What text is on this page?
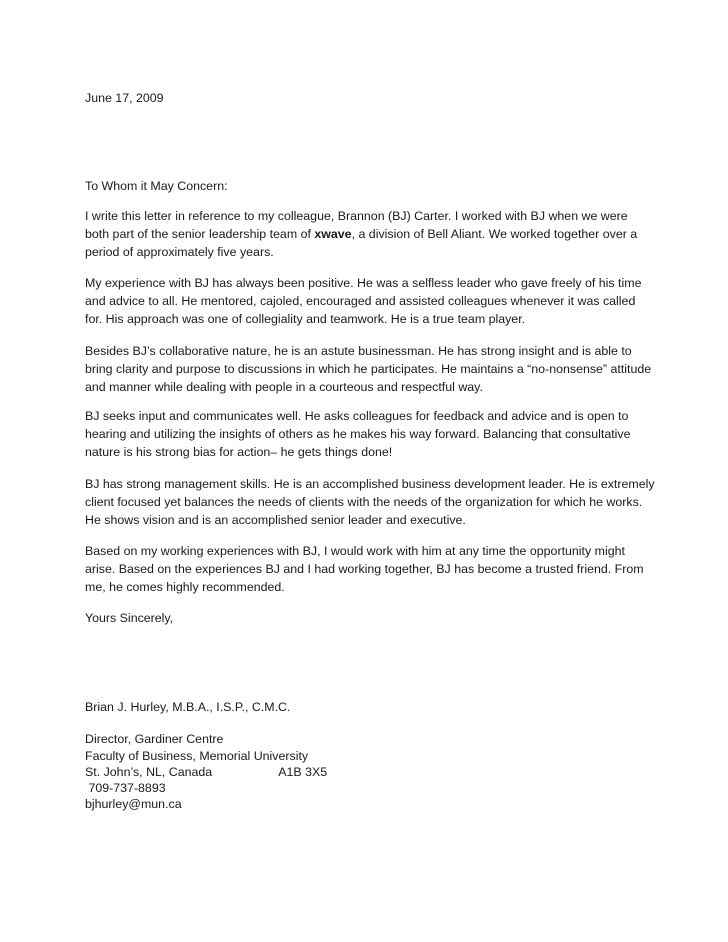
June 17, 2009

To Whom it May Concern:

I write this letter in reference to my colleague, Brannon (BJ) Carter. I worked with BJ when we were both part of the senior leadership team of xwave, a division of Bell Aliant. We worked together over a period of approximately five years.

My experience with BJ has always been positive. He was a selfless leader who gave freely of his time and advice to all. He mentored, cajoled, encouraged and assisted colleagues whenever it was called for. His approach was one of collegiality and teamwork. He is a true team player.

Besides BJ’s collaborative nature, he is an astute businessman. He has strong insight and is able to bring clarity and purpose to discussions in which he participates. He maintains a “no-nonsense” attitude and manner while dealing with people in a courteous and respectful way.

BJ seeks input and communicates well. He asks colleagues for feedback and advice and is open to hearing and utilizing the insights of others as he makes his way forward. Balancing that consultative nature is his strong bias for action– he gets things done!

BJ has strong management skills. He is an accomplished business development leader. He is extremely client focused yet balances the needs of clients with the needs of the organization for which he works. He shows vision and is an accomplished senior leader and executive.

Based on my working experiences with BJ, I would work with him at any time the opportunity might arise. Based on the experiences BJ and I had working together, BJ has become a trusted friend. From me, he comes highly recommended.

Yours Sincerely,

Brian J. Hurley, M.B.A., I.S.P., C.M.C.
Director, Gardiner Centre
Faculty of Business, Memorial University
St. John’s, NL, Canada	A1B 3X5
709-737-8893
bjhurley@mun.ca
